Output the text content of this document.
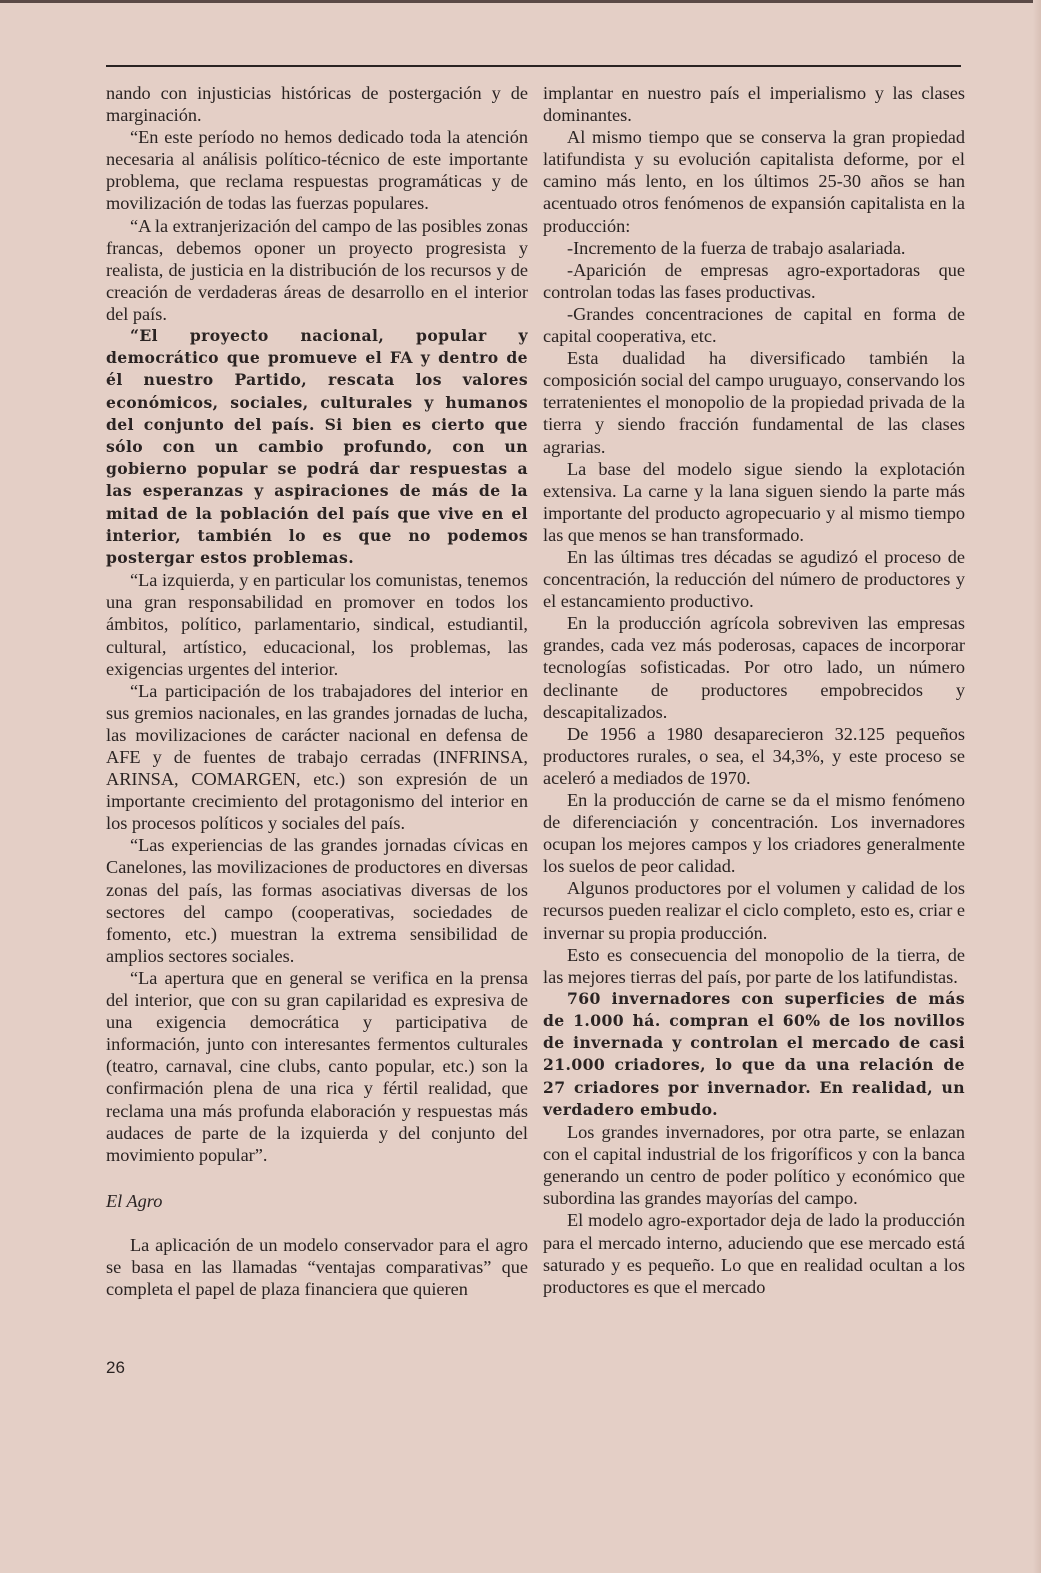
nando con injusticias históricas de postergación y de marginación.

“En este período no hemos dedicado toda la atención necesaria al análisis político-técnico de este importante problema, que reclama respuestas programáticas y de movilización de todas las fuerzas populares.

“A la extranjerización del campo de las posibles zonas francas, debemos oponer un proyecto progresista y realista, de justicia en la distribución de los recursos y de creación de verdaderas áreas de desarrollo en el interior del país.

“El proyecto nacional, popular y democrático que promueve el FA y dentro de él nuestro Partido, rescata los valores económicos, sociales, culturales y humanos del conjunto del país. Si bien es cierto que sólo con un cambio profundo, con un gobierno popular se podrá dar respuestas a las esperanzas y aspiraciones de más de la mitad de la población del país que vive en el interior, también lo es que no podemos postergar estos problemas.

“La izquierda, y en particular los comunistas, tenemos una gran responsabilidad en promover en todos los ámbitos, político, parlamentario, sindical, estudiantil, cultural, artístico, educacional, los problemas, las exigencias urgentes del interior.

“La participación de los trabajadores del interior en sus gremios nacionales, en las grandes jornadas de lucha, las movilizaciones de carácter nacional en defensa de AFE y de fuentes de trabajo cerradas (INFRINSA, ARINSA, COMARGEN, etc.) son expresión de un importante crecimiento del protagonismo del interior en los procesos políticos y sociales del país.

“Las experiencias de las grandes jornadas cívicas en Canelones, las movilizaciones de productores en diversas zonas del país, las formas asociativas diversas de los sectores del campo (cooperativas, sociedades de fomento, etc.) muestran la extrema sensibilidad de amplios sectores sociales.

“La apertura que en general se verifica en la prensa del interior, que con su gran capilaridad es expresiva de una exigencia democrática y participativa de información, junto con interesantes fermentos culturales (teatro, carnaval, cine clubs, canto popular, etc.) son la confirmación plena de una rica y fértil realidad, que reclama una más profunda elaboración y respuestas más audaces de parte de la izquierda y del conjunto del movimiento popular”.

El Agro

La aplicación de un modelo conservador para el agro se basa en las llamadas “ventajas comparativas” que completa el papel de plaza financiera que quieren

implantar en nuestro país el imperialismo y las clases dominantes.

Al mismo tiempo que se conserva la gran propiedad latifundista y su evolución capitalista deforme, por el camino más lento, en los últimos 25-30 años se han acentuado otros fenómenos de expansión capitalista en la producción:

-Incremento de la fuerza de trabajo asalariada.

-Aparición de empresas agro-exportadoras que controlan todas las fases productivas.

-Grandes concentraciones de capital en forma de capital cooperativa, etc.

Esta dualidad ha diversificado también la composición social del campo uruguayo, conservando los terratenientes el monopolio de la propiedad privada de la tierra y siendo fracción fundamental de las clases agrarias.

La base del modelo sigue siendo la explotación extensiva. La carne y la lana siguen siendo la parte más importante del producto agropecuario y al mismo tiempo las que menos se han transformado.

En las últimas tres décadas se agudizó el proceso de concentración, la reducción del número de productores y el estancamiento productivo.

En la producción agrícola sobreviven las empresas grandes, cada vez más poderosas, capaces de incorporar tecnologías sofisticadas. Por otro lado, un número declinante de productores empobrecidos y descapitalizados.

De 1956 a 1980 desaparecieron 32.125 pequeños productores rurales, o sea, el 34,3%, y este proceso se aceleró a mediados de 1970.

En la producción de carne se da el mismo fenómeno de diferenciación y concentración. Los invernadores ocupan los mejores campos y los criadores generalmente los suelos de peor calidad.

Algunos productores por el volumen y calidad de los recursos pueden realizar el ciclo completo, esto es, criar e invernar su propia producción.

Esto es consecuencia del monopolio de la tierra, de las mejores tierras del país, por parte de los latifundistas.

760 invernadores con superficies de más de 1.000 há. compran el 60% de los novillos de invernada y controlan el mercado de casi 21.000 criadores, lo que da una relación de 27 criadores por invernador. En realidad, un verdadero embudo.

Los grandes invernadores, por otra parte, se enlazan con el capital industrial de los frigoríficos y con la banca generando un centro de poder político y económico que subordina las grandes mayorías del campo.

El modelo agro-exportador deja de lado la producción para el mercado interno, aduciendo que ese mercado está saturado y es pequeño. Lo que en realidad ocultan a los productores es que el mercado

26
